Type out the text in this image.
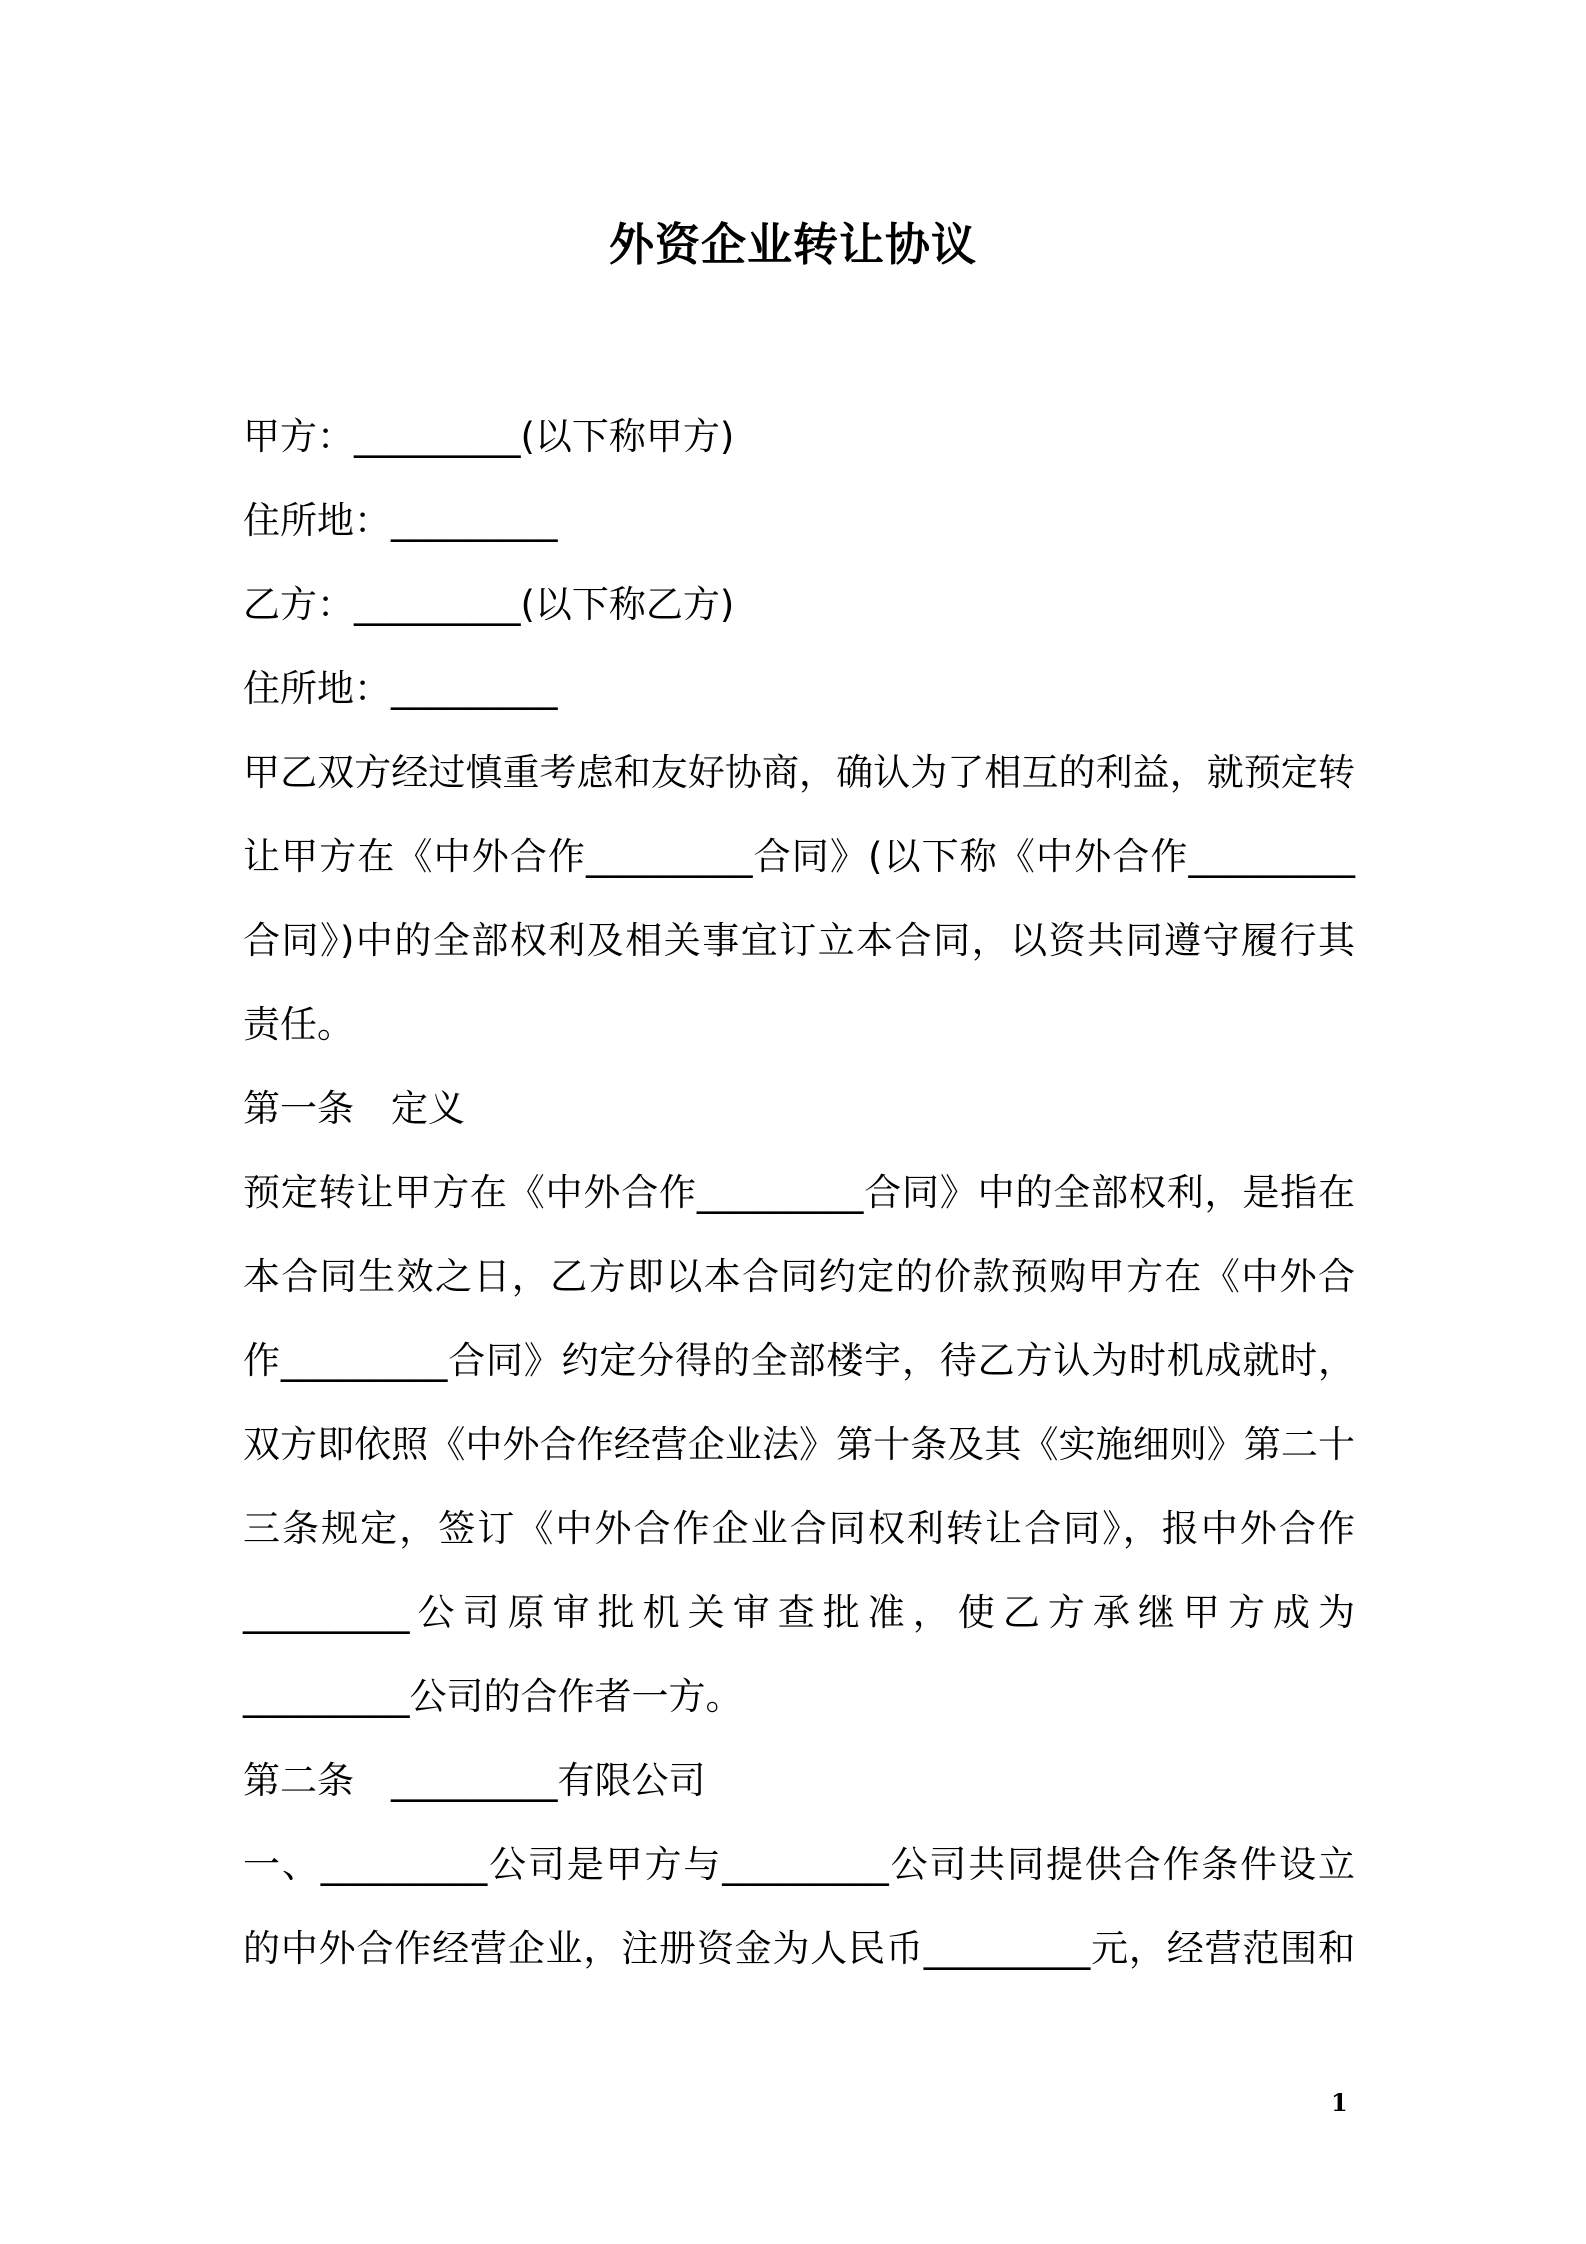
外资企业转让协议
甲方：_________(以下称甲方)
住所地：_________
乙方：_________(以下称乙方)
住所地：_________
甲乙双方经过慎重考虑和友好协商，确认为了相互的利益，就预定转
让甲方在《中外合作_________合同》(以下称《中外合作_________
合同》)中的全部权利及相关事宜订立本合同，以资共同遵守履行其
责任。
第一条　定义
预定转让甲方在《中外合作_________合同》中的全部权利，是指在
本合同生效之日，乙方即以本合同约定的价款预购甲方在《中外合
作_________合同》约定分得的全部楼宇，待乙方认为时机成就时，
双方即依照《中外合作经营企业法》第十条及其《实施细则》第二十
三条规定，签订《中外合作企业合同权利转让合同》，报中外合作
_________公司原审批机关审查批准，使乙方承继甲方成为
_________公司的合作者一方。
第二条　_________有限公司
一、_________公司是甲方与_________公司共同提供合作条件设立
的中外合作经营企业，注册资金为人民币_________元，经营范围和
1
